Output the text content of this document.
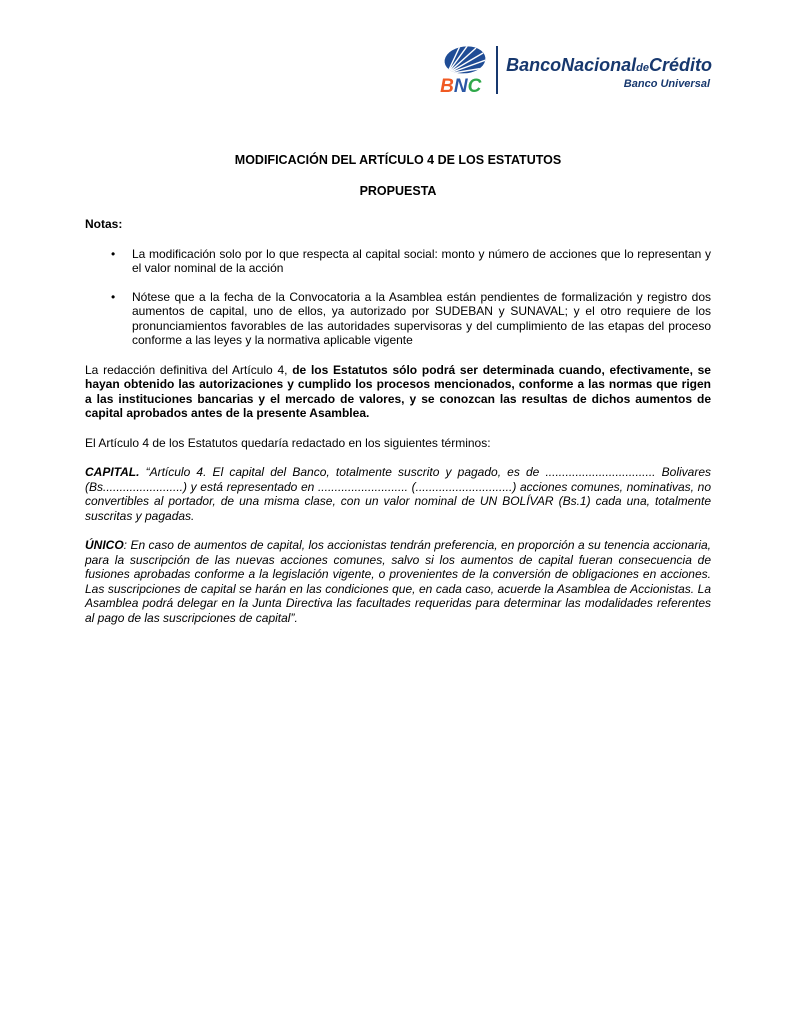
BNC
BancoNacionaldeCrédito
Banco Universal
MODIFICACIÓN DEL ARTÍCULO 4 DE LOS ESTATUTOS
PROPUESTA
Notas:
• La modificación solo por lo que respecta al capital social: monto y número de acciones que lo representan y el valor nominal de la acción
• Nótese que a la fecha de la Convocatoria a la Asamblea están pendientes de formalización y registro dos aumentos de capital, uno de ellos, ya autorizado por SUDEBAN y SUNAVAL; y el otro requiere de los pronunciamientos favorables de las autoridades supervisoras y del cumplimiento de las etapas del proceso conforme a las leyes y la normativa aplicable vigente

La redacción definitiva del Artículo 4, de los Estatutos sólo podrá ser determinada cuando, efectivamente, se hayan obtenido las autorizaciones y cumplido los procesos mencionados, conforme a las normas que rigen a las instituciones bancarias y el mercado de valores, y se conozcan las resultas de dichos aumentos de capital aprobados antes de la presente Asamblea.

El Artículo 4 de los Estatutos quedaría redactado en los siguientes términos:

CAPITAL. “Artículo 4. El capital del Banco, totalmente suscrito y pagado, es de ................................. Bolivares (Bs........................) y está representado en ........................... (.............................) acciones comunes, nominativas, no convertibles al portador, de una misma clase, con un valor nominal de UN BOLÍVAR (Bs.1) cada una, totalmente suscritas y pagadas.

ÚNICO: En caso de aumentos de capital, los accionistas tendrán preferencia, en proporción a su tenencia accionaria, para la suscripción de las nuevas acciones comunes, salvo si los aumentos de capital fueran consecuencia de fusiones aprobadas conforme a la legislación vigente, o provenientes de la conversión de obligaciones en acciones. Las suscripciones de capital se harán en las condiciones que, en cada caso, acuerde la Asamblea de Accionistas. La Asamblea podrá delegar en la Junta Directiva las facultades requeridas para determinar las modalidades referentes al pago de las suscripciones de capital”.
